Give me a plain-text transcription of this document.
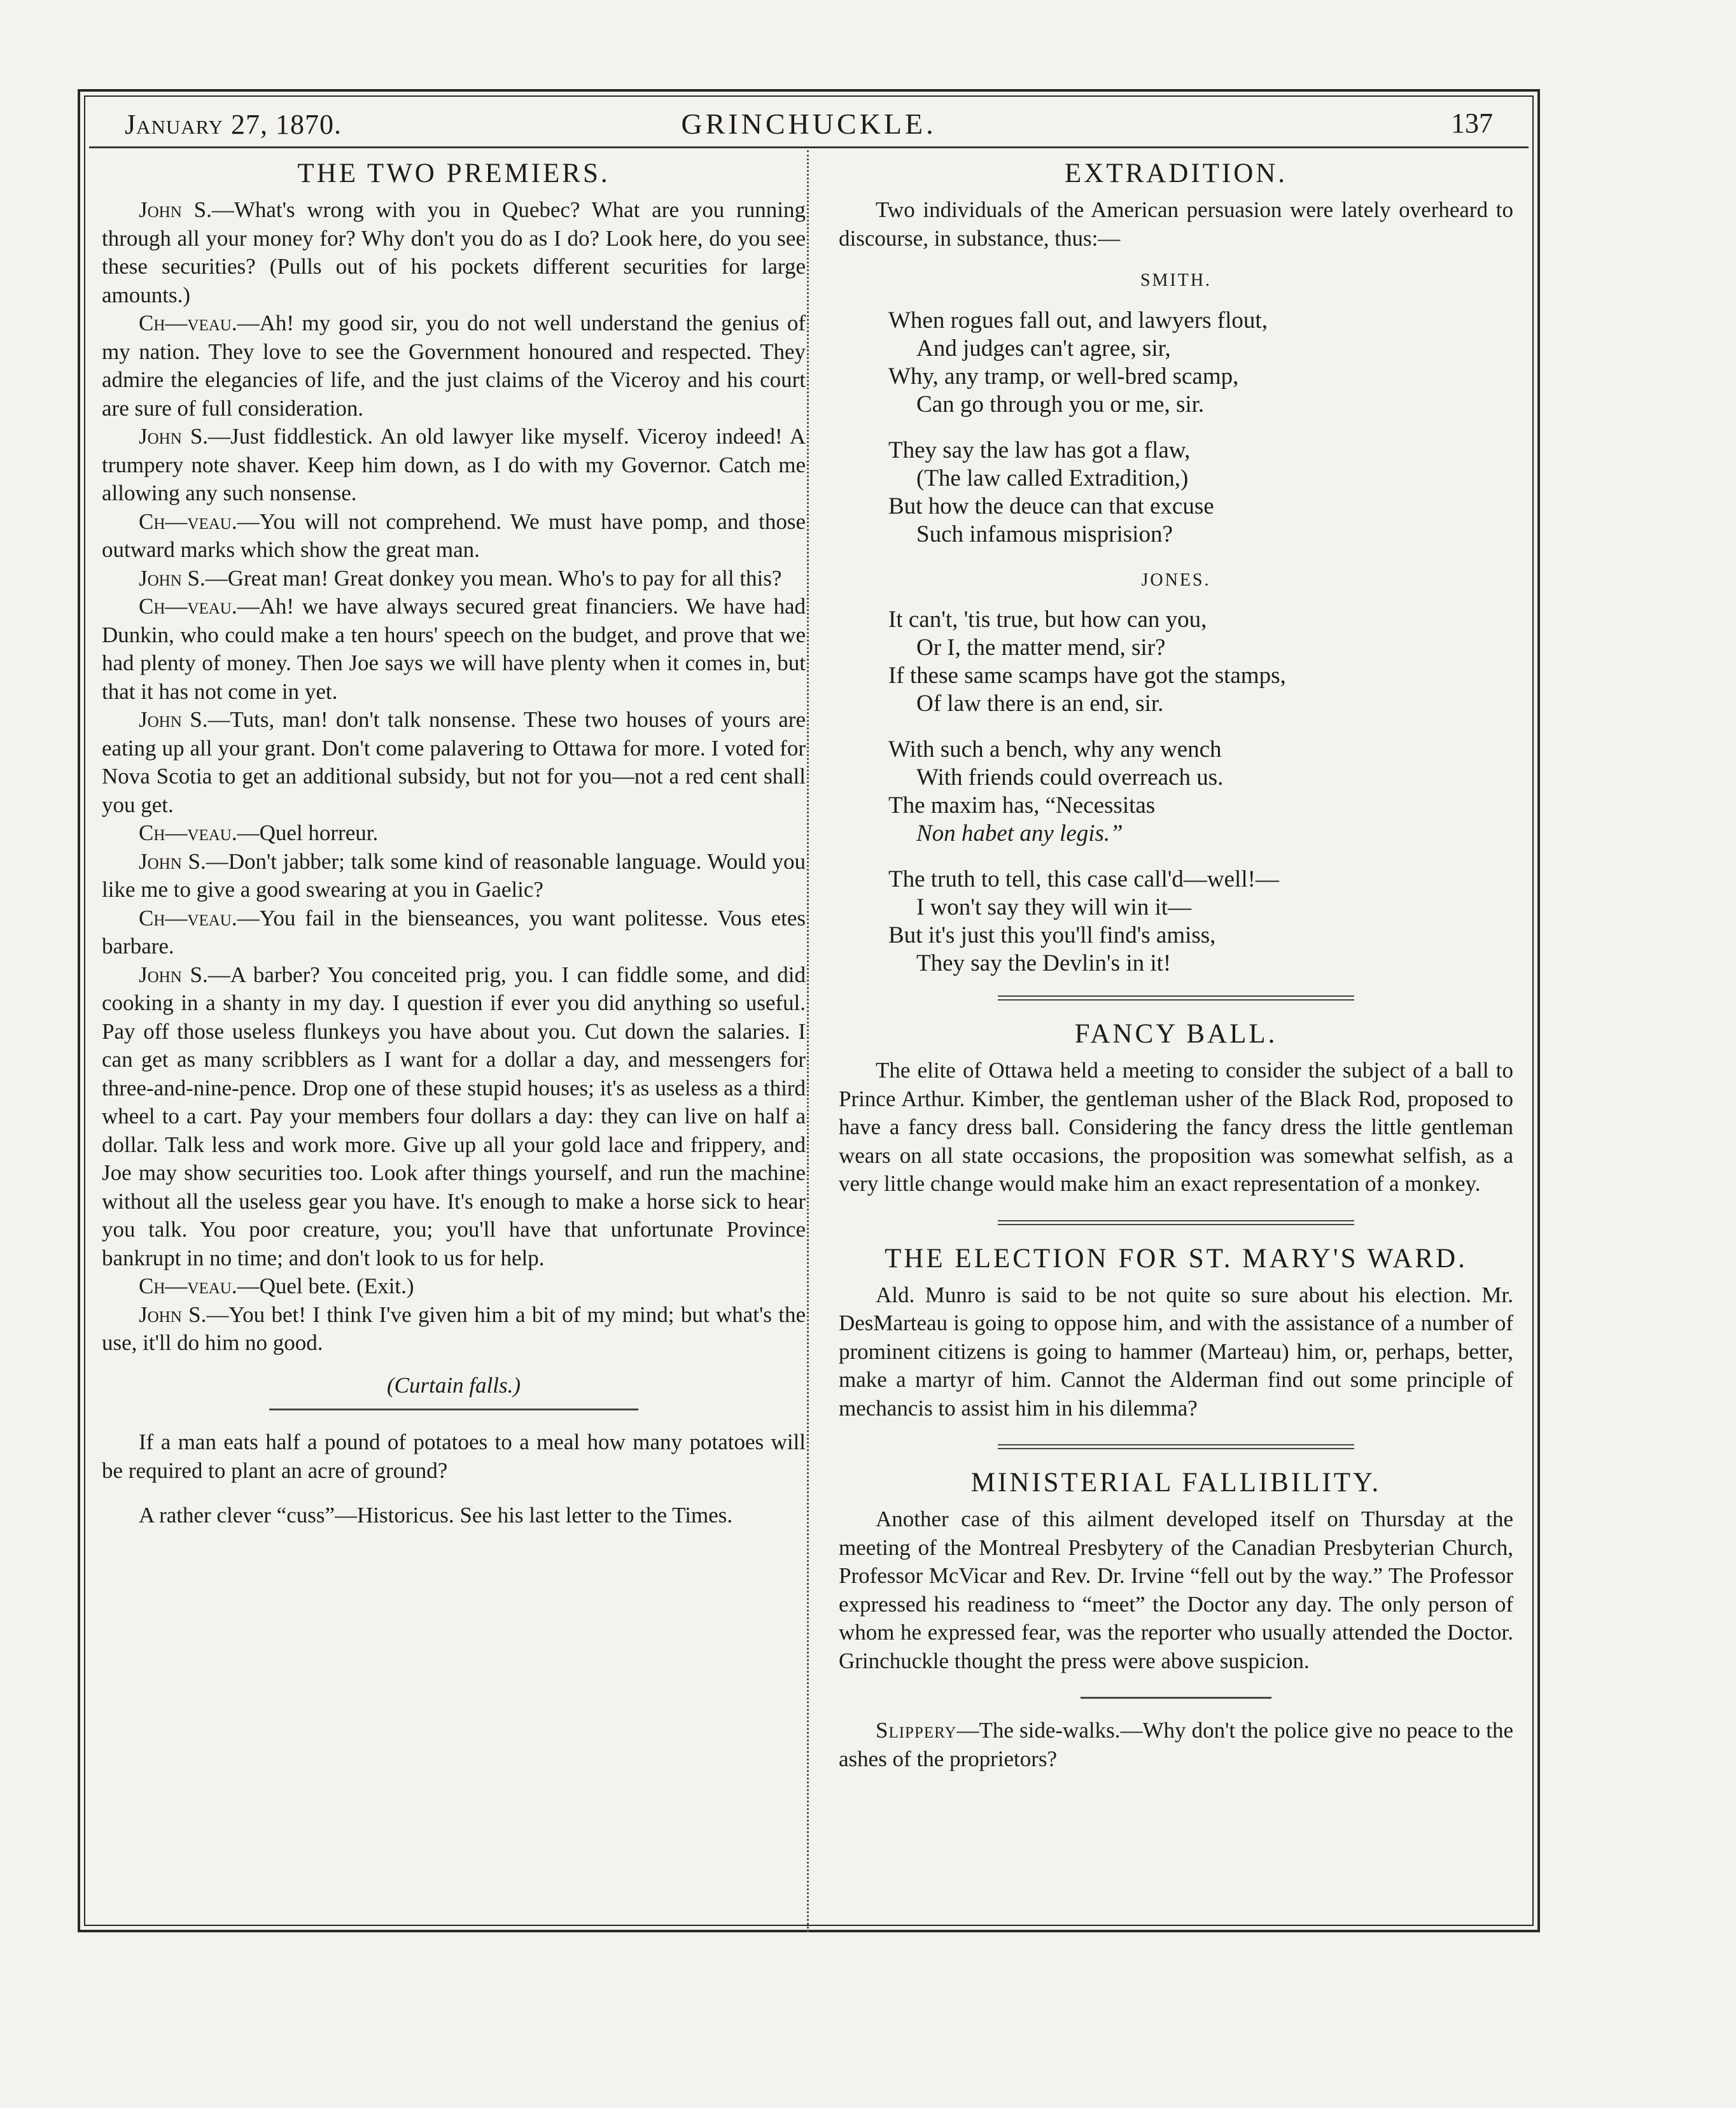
January 27, 1870.	GRINCHUCKLE.	137
THE TWO PREMIERS.

John S.—What's wrong with you in Quebec? What are you running through all your money for? Why don't you do as I do? Look here, do you see these securities? (Pulls out of his pockets different securities for large amounts.)

Ch—veau.—Ah! my good sir, you do not well understand the genius of my nation. They love to see the Government honoured and respected. They admire the elegancies of life, and the just claims of the Viceroy and his court are sure of full consideration.

John S.—Just fiddlestick. An old lawyer like myself. Viceroy indeed! A trumpery note shaver. Keep him down, as I do with my Governor. Catch me allowing any such nonsense.

Ch—veau.—You will not comprehend. We must have pomp, and those outward marks which show the great man.

John S.—Great man! Great donkey you mean. Who's to pay for all this?

Ch—veau.—Ah! we have always secured great financiers. We have had Dunkin, who could make a ten hours' speech on the budget, and prove that we had plenty of money. Then Joe says we will have plenty when it comes in, but that it has not come in yet.

John S.—Tuts, man! don't talk nonsense. These two houses of yours are eating up all your grant. Don't come palavering to Ottawa for more. I voted for Nova Scotia to get an additional subsidy, but not for you—not a red cent shall you get.

Ch—veau.—Quel horreur.

John S.—Don't jabber; talk some kind of reasonable language. Would you like me to give a good swearing at you in Gaelic?

Ch—veau.—You fail in the bienseances, you want politesse. Vous etes barbare.

John S.—A barber? You conceited prig, you. I can fiddle some, and did cooking in a shanty in my day. I question if ever you did anything so useful. Pay off those useless flunkeys you have about you. Cut down the salaries. I can get as many scribblers as I want for a dollar a day, and messengers for three-and-nine-pence. Drop one of these stupid houses; it's as useless as a third wheel to a cart. Pay your members four dollars a day: they can live on half a dollar. Talk less and work more. Give up all your gold lace and frippery, and Joe may show securities too. Look after things yourself, and run the machine without all the useless gear you have. It's enough to make a horse sick to hear you talk. You poor creature, you; you'll have that unfortunate Province bankrupt in no time; and don't look to us for help.

Ch—veau.—Quel bete. (Exit.)

John S.—You bet! I think I've given him a bit of my mind; but what's the use, it'll do him no good.

(Curtain falls.)

If a man eats half a pound of potatoes to a meal how many potatoes will be required to plant an acre of ground?

A rather clever “cuss”—Historicus. See his last letter to the Times.

EXTRADITION.

Two individuals of the American persuasion were lately overheard to discourse, in substance, thus:—

SMITH.
When rogues fall out, and lawyers flout,
And judges can't agree, sir,
Why, any tramp, or well-bred scamp,
Can go through you or me, sir.
They say the law has got a flaw,
(The law called Extradition,)
But how the deuce can that excuse
Such infamous misprision?
JONES.
It can't, 'tis true, but how can you,
Or I, the matter mend, sir?
If these same scamps have got the stamps,
Of law there is an end, sir.
With such a bench, why any wench
With friends could overreach us.
The maxim has, “Necessitas
Non habet any legis.”
The truth to tell, this case call'd—well!—
I won't say they will win it—
But it's just this you'll find's amiss,
They say the Devlin's in it!
FANCY BALL.

The elite of Ottawa held a meeting to consider the subject of a ball to Prince Arthur. Kimber, the gentleman usher of the Black Rod, proposed to have a fancy dress ball. Considering the fancy dress the little gentleman wears on all state occasions, the proposition was somewhat selfish, as a very little change would make him an exact representation of a monkey.

THE ELECTION FOR ST. MARY'S WARD.

Ald. Munro is said to be not quite so sure about his election. Mr. DesMarteau is going to oppose him, and with the assistance of a number of prominent citizens is going to hammer (Marteau) him, or, perhaps, better, make a martyr of him. Cannot the Alderman find out some principle of mechancis to assist him in his dilemma?

MINISTERIAL FALLIBILITY.

Another case of this ailment developed itself on Thursday at the meeting of the Montreal Presbytery of the Canadian Presbyterian Church, Professor McVicar and Rev. Dr. Irvine “fell out by the way.” The Professor expressed his readiness to “meet” the Doctor any day. The only person of whom he expressed fear, was the reporter who usually attended the Doctor. Grinchuckle thought the press were above suspicion.

Slippery—The side-walks.—Why don't the police give no peace to the ashes of the proprietors?
